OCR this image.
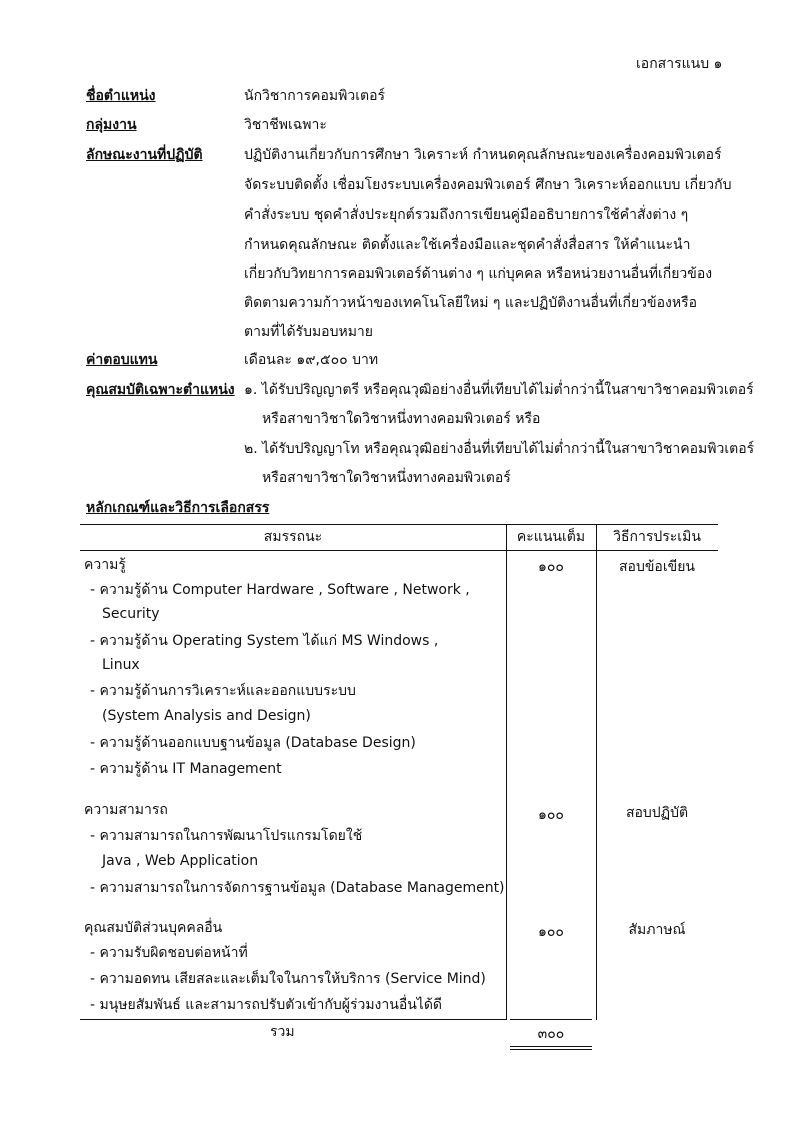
เอกสารแนบ ๑
ชื่อตำแหน่ง	นักวิชาการคอมพิวเตอร์
กลุ่มงาน	วิชาชีพเฉพาะ
ลักษณะงานที่ปฏิบัติ	ปฏิบัติงานเกี่ยวกับการศึกษา วิเคราะห์ กำหนดคุณลักษณะของเครื่องคอมพิวเตอร์
จัดระบบติดตั้ง เชื่อมโยงระบบเครื่องคอมพิวเตอร์ ศึกษา วิเคราะห์ออกแบบ เกี่ยวกับ
คำสั่งระบบ ชุดคำสั่งประยุกต์รวมถึงการเขียนคู่มืออธิบายการใช้คำสั่งต่าง ๆ
กำหนดคุณลักษณะ ติดตั้งและใช้เครื่องมือและชุดคำสั่งสื่อสาร ให้คำแนะนำ
เกี่ยวกับวิทยาการคอมพิวเตอร์ด้านต่าง ๆ แก่บุคคล หรือหน่วยงานอื่นที่เกี่ยวข้อง
ติดตามความก้าวหน้าของเทคโนโลยีใหม่ ๆ และปฏิบัติงานอื่นที่เกี่ยวข้องหรือ
ตามที่ได้รับมอบหมาย
ค่าตอบแทน	เดือนละ ๑๙,๕๐๐ บาท
คุณสมบัติเฉพาะตำแหน่ง ๑. ได้รับปริญญาตรี หรือคุณวุฒิอย่างอื่นที่เทียบได้ไม่ต่ำกว่านี้ในสาขาวิชาคอมพิวเตอร์
หรือสาขาวิชาใดวิชาหนึ่งทางคอมพิวเตอร์ หรือ
๒. ได้รับปริญญาโท หรือคุณวุฒิอย่างอื่นที่เทียบได้ไม่ต่ำกว่านี้ในสาขาวิชาคอมพิวเตอร์
หรือสาขาวิชาใดวิชาหนึ่งทางคอมพิวเตอร์
หลักเกณฑ์และวิธีการเลือกสรร
สมรรถนะ	คะแนนเต็ม	วิธีการประเมิน
ความรู้	๑๐๐	สอบข้อเขียน
- ความรู้ด้าน Computer Hardware , Software , Network ,
Security
- ความรู้ด้าน Operating System ได้แก่ MS Windows ,
Linux
- ความรู้ด้านการวิเคราะห์และออกแบบระบบ
(System Analysis and Design)
- ความรู้ด้านออกแบบฐานข้อมูล (Database Design)
- ความรู้ด้าน IT Management
ความสามารถ	๑๐๐	สอบปฏิบัติ
- ความสามารถในการพัฒนาโปรแกรมโดยใช้
Java , Web Application
- ความสามารถในการจัดการฐานข้อมูล (Database Management)
คุณสมบัติส่วนบุคคลอื่น	๑๐๐	สัมภาษณ์
- ความรับผิดชอบต่อหน้าที่
- ความอดทน เสียสละและเต็มใจในการให้บริการ (Service Mind)
- มนุษยสัมพันธ์ และสามารถปรับตัวเข้ากับผู้ร่วมงานอื่นได้ดี
รวม	๓๐๐
